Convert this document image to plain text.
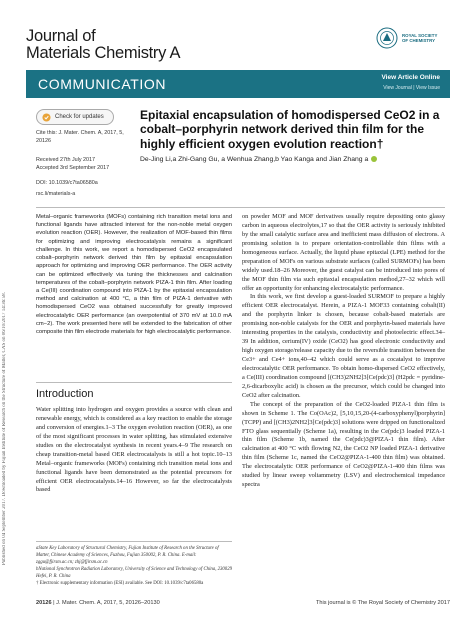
Published on 04 September 2017. Downloaded by Fujian Institute of Research on the Structure of Matter, CAS on 06/10/2017 14:36:58.
Journal of
Materials Chemistry A
ROYAL SOCIETY
OF CHEMISTRY
COMMUNICATION	View Article Online
View Journal | View Issue
Check for updates
Cite this: J. Mater. Chem. A, 2017, 5, 20126
Received 27th July 2017
Accepted 3rd September 2017
DOI: 10.1039/c7ta06580a
rsc.li/materials-a
Epitaxial encapsulation of homodispersed CeO2 in a cobalt–porphyrin network derived thin film for the highly efficient oxygen evolution reaction†
De-Jing Li,a Zhi-Gang Gu, a Wenhua Zhang,b Yao Kanga and Jian Zhang a
Metal–organic frameworks (MOFs) containing rich transition metal ions and functional ligands have attracted interest for the non-noble metal oxygen evolution reaction (OER). However, the realization of MOF-based thin films for optimizing and improving electrocatalysis remains a significant challenge. In this work, we report a homodispersed CeO2 encapsulated cobalt–porphyrin network derived thin film by epitaxial encapsulation approach for optimizing and improving OER performance. The OER activity can be optimized effectively via tuning the thicknesses and calcination temperatures of the cobalt–porphyrin network PIZA-1 thin film. After loading a Ce(III) coordination compound into PIZA-1 by the epitaxial encapsulation method and calcination at 400 °C, a thin film of PIZA-1 derivative with homodispersed CeO2 was obtained successfully for greatly improved electrocatalytic OER performance (an overpotential of 370 mV at 10.0 mA cm−2). The work presented here will be extended to the fabrication of other composite thin film electrode materials for high electrocatalytic performance.
Introduction
Water splitting into hydrogen and oxygen provides a source with clean and renewable energy, which is considered as a key reaction to enable the storage and conversion of energies.1–3 The oxygen evolution reaction (OER), as one of the most significant processes in water splitting, has stimulated extensive studies on the electrocatalyst synthesis in recent years.4–9 The research on cheap transition-metal based OER electrocatalysts is still a hot topic.10–13 Metal–organic frameworks (MOFs) containing rich transition metal ions and functional ligands have been demonstrated as the potential precursors for efficient OER electrocatalysts.14–16 However, so far the electrocatalysts based
aState Key Laboratory of Structural Chemistry, Fujian Institute of Research on the Structure of Matter, Chinese Academy of Sciences, Fuzhou, Fujian 350002, P. R. China. E-mail: zggu@fjirsm.ac.cn; zhj@fjirsm.ac.cn
bNational Synchrotron Radiation Laboratory, University of Science and Technology of China, 230029 Hefei, P. R. China
† Electronic supplementary information (ESI) available. See DOI: 10.1039/c7ta06580a

on powder MOF and MOF derivatives usually require depositing onto glassy carbon in aqueous electrolytes,17 so that the OER activity is seriously inhibited by the small catalytic surface area and inefficient mass diffusion of electrons. A promising solution is to prepare orientation-controllable thin films with a homogeneous surface. Actually, the liquid phase epitaxial (LPE) method for the preparation of MOFs on various substrate surfaces (called SURMOFs) has been widely used.18–26 Moreover, the guest catalyst can be introduced into pores of the MOF thin film via such epitaxial encapsulation method,27–32 which will offer an opportunity for enhancing electrocatalytic performance.

In this work, we first develop a guest-loaded SURMOF to prepare a highly efficient OER electrocatalyst. Herein, a PIZA-1 MOF33 containing cobalt(II) and the porphyrin linker is chosen, because cobalt-based materials are promising non-noble catalysts for the OER and porphyrin-based materials have interesting properties in the catalysis, conductivity and photoelectric effect.34–39 In addition, cerium(IV) oxide (CeO2) has good electronic conductivity and high oxygen storage/release capacity due to the reversible transition between the Ce3+ and Ce4+ ions,40–42 which could serve as a cocatalyst to improve electrocatalytic OER performance. To obtain homo-dispersed CeO2 effectively, a Ce(III) coordination compound [(CH3)2NH2]3[Ce(pdc)3] (H2pdc = pyridine-2,6-dicarboxylic acid) is chosen as the precursor, which could be changed into CeO2 after calcination.

The concept of the preparation of the CeO2-loaded PIZA-1 thin film is shown in Scheme 1. The Co(OAc)2, [5,10,15,20-(4-carboxyphenyl)porphyrin] (TCPP) and [(CH3)2NH2]3[Ce(pdc)3] solutions were dripped on functionalized FTO glass sequentially (Scheme 1a), resulting in the Ce(pdc)3 loaded PIZA-1 thin film (Scheme 1b, named the Ce(pdc)3@PIZA-1 thin film). After calcination at 400 °C with flowing N2, the CeO2 NP loaded PIZA-1 derivative thin film (Scheme 1c, named the CeO2@PIZA-1-400 thin film) was obtained. The electrocatalytic OER performance of CeO2@PIZA-1-400 thin films was studied by linear sweep voltammetry (LSV) and electrochemical impedance spectra

20126 | J. Mater. Chem. A, 2017, 5, 20126–20130	This journal is © The Royal Society of Chemistry 2017
